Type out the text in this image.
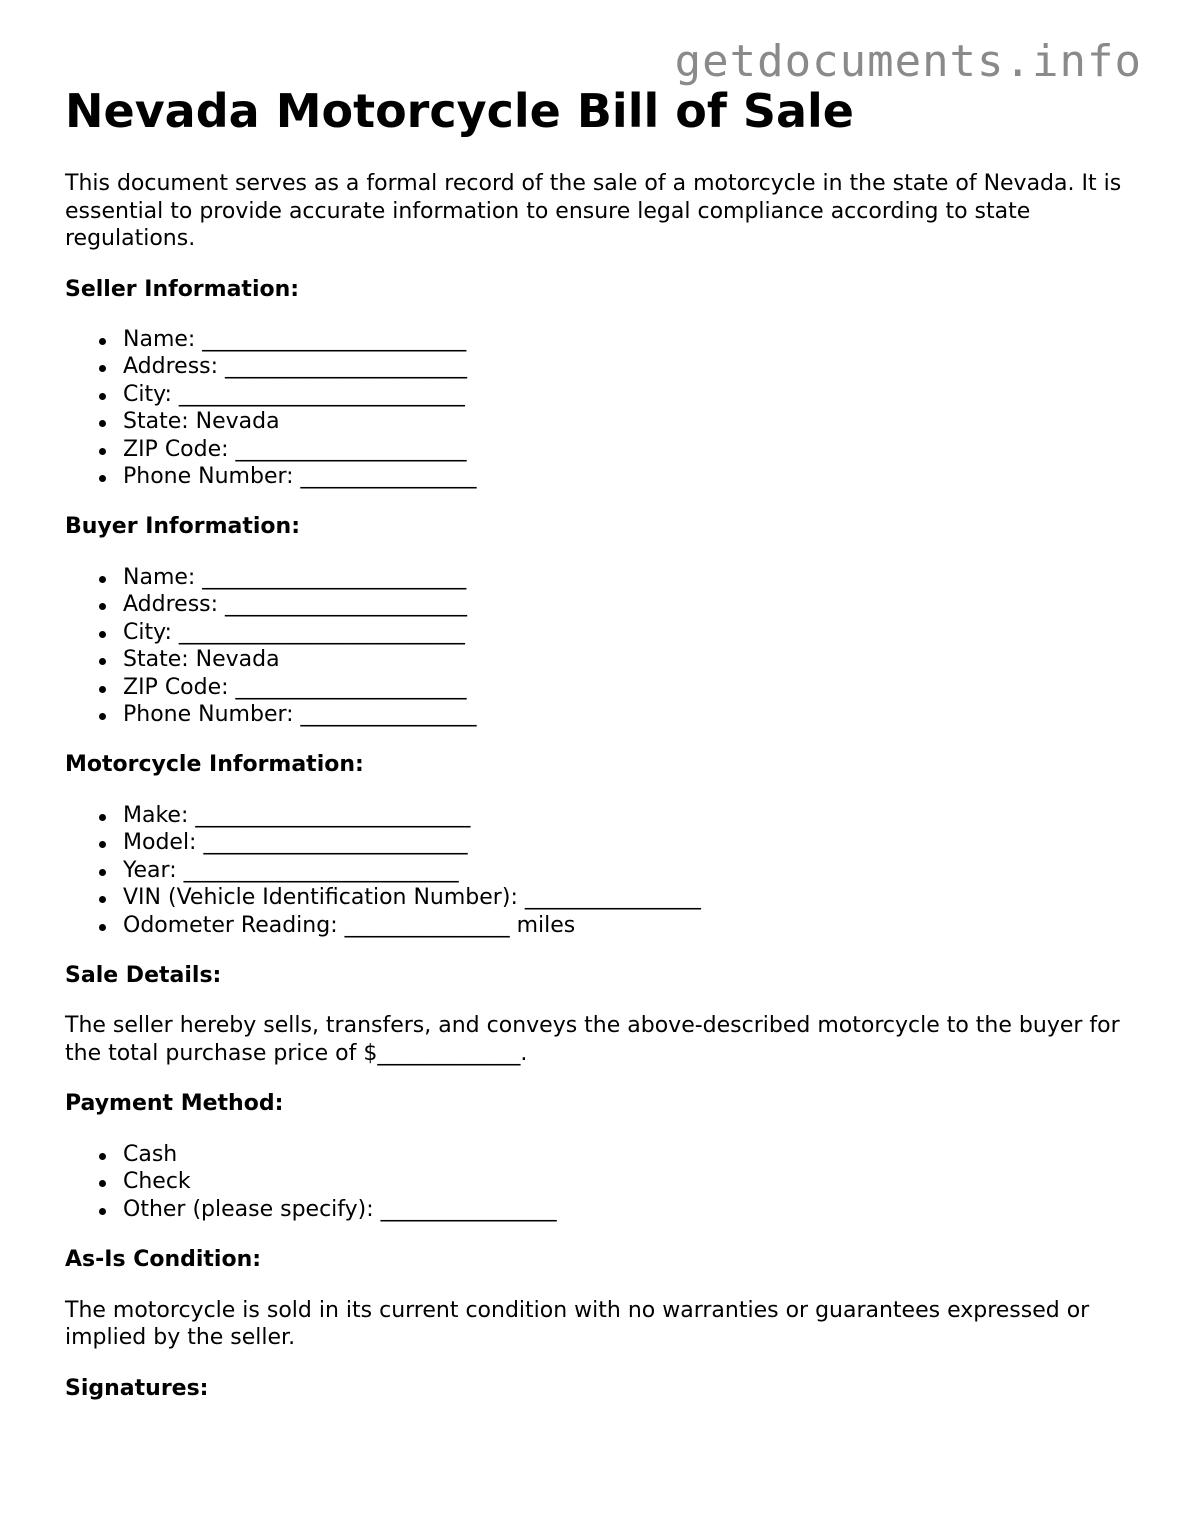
getdocuments.info
Nevada Motorcycle Bill of Sale

This document serves as a formal record of the sale of a motorcycle in the state of Nevada. It is essential to provide accurate information to ensure legal compliance according to state regulations.

Seller Information:
Name: ________________________
Address: ______________________
City: __________________________
State: Nevada
ZIP Code: _____________________
Phone Number: ________________
Buyer Information:
Name: ________________________
Address: ______________________
City: __________________________
State: Nevada
ZIP Code: _____________________
Phone Number: ________________
Motorcycle Information:
Make: _________________________
Model: ________________________
Year: _________________________
VIN (Vehicle Identification Number): ________________
Odometer Reading: _______________ miles
Sale Details:

The seller hereby sells, transfers, and conveys the above-described motorcycle to the buyer for the total purchase price of $_____________.

Payment Method:
Cash
Check
Other (please specify): ________________
As-Is Condition:

The motorcycle is sold in its current condition with no warranties or guarantees expressed or implied by the seller.

Signatures:
